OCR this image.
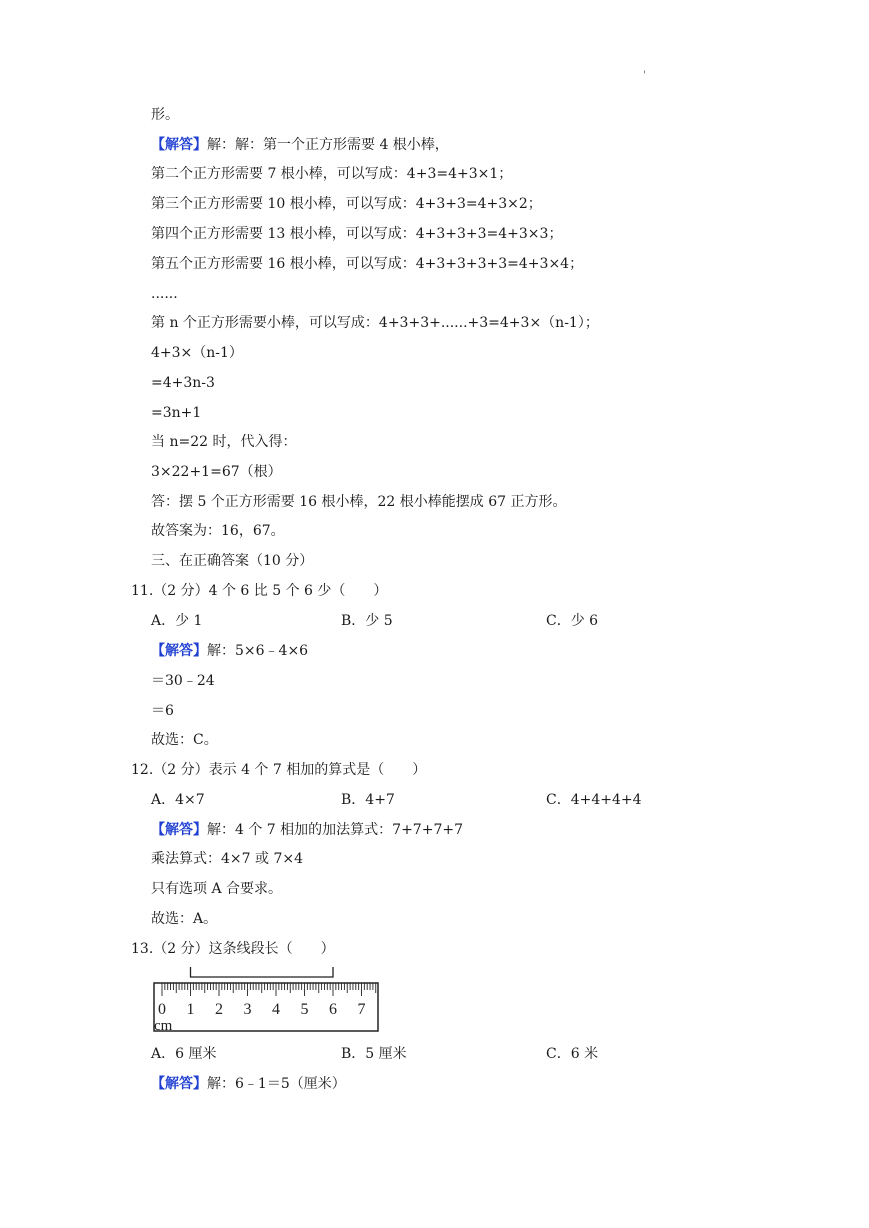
'
形。
【解答】解：解：第一个正方形需要 4 根小棒，
第二个正方形需要 7 根小棒，可以写成：4+3=4+3×1；
第三个正方形需要 10 根小棒，可以写成：4+3+3=4+3×2；
第四个正方形需要 13 根小棒，可以写成：4+3+3+3=4+3×3；
第五个正方形需要 16 根小棒，可以写成：4+3+3+3+3=4+3×4；
......
第 n 个正方形需要小棒，可以写成：4+3+3+......+3=4+3×（n-1）；
4+3×（n-1）
=4+3n-3
=3n+1
当 n=22 时，代入得：
3×22+1=67（根）
答：摆 5 个正方形需要 16 根小棒，22 根小棒能摆成 67 正方形。
故答案为：16，67。
三、在正确答案（10 分）
11.（2 分）4 个 6 比 5 个 6 少（　　）
A．少 1	B．少 5	C．少 6
【解答】解：5×6﹣4×6
＝30﹣24
＝6
故选：C。
12.（2 分）表示 4 个 7 相加的算式是（　　）
A．4×7	B．4+7	C．4+4+4+4
【解答】解：4 个 7 相加的加法算式：7+7+7+7
乘法算式：4×7 或 7×4
只有选项 A 合要求。
故选：A。
13.（2 分）这条线段长（　　）
0 1 2 3 4 5 6 7
cm
A．6 厘米	B．5 厘米	C．6 米
【解答】解：6﹣1＝5（厘米）
